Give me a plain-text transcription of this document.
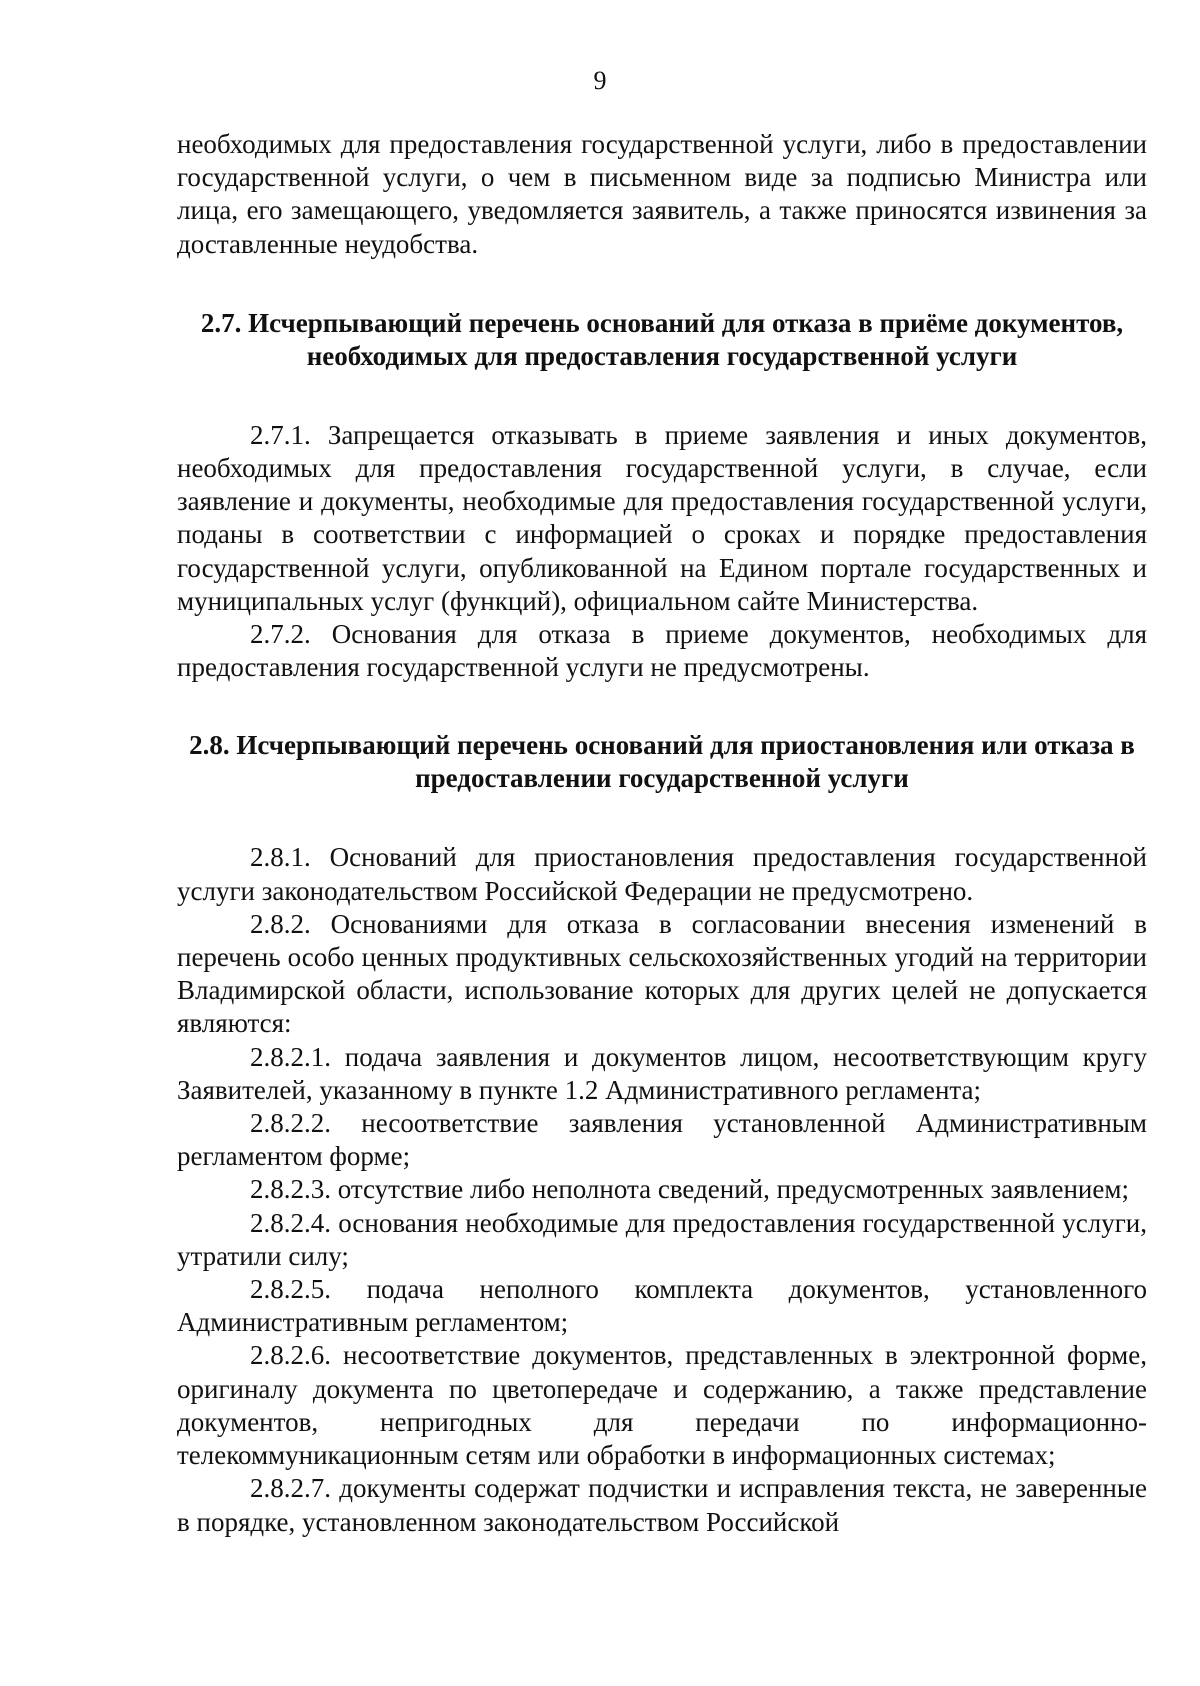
9

необходимых для предоставления государственной услуги, либо в предоставлении государственной услуги, о чем в письменном виде за подписью Министра или лица, его замещающего, уведомляется заявитель, а также приносятся извинения за доставленные неудобства.

2.7. Исчерпывающий перечень оснований для отказа в приёме документов, необходимых для предоставления государственной услуги

2.7.1. Запрещается отказывать в приеме заявления и иных документов, необходимых для предоставления государственной услуги, в случае, если заявление и документы, необходимые для предоставления государственной услуги, поданы в соответствии с информацией о сроках и порядке предоставления государственной услуги, опубликованной на Едином портале государственных и муниципальных услуг (функций), официальном сайте Министерства.

2.7.2. Основания для отказа в приеме документов, необходимых для предоставления государственной услуги не предусмотрены.

2.8. Исчерпывающий перечень оснований для приостановления или отказа в предоставлении государственной услуги

2.8.1. Оснований для приостановления предоставления государственной услуги законодательством Российской Федерации не предусмотрено.

2.8.2. Основаниями для отказа в согласовании внесения изменений в перечень особо ценных продуктивных сельскохозяйственных угодий на территории Владимирской области, использование которых для других целей не допускается являются:

2.8.2.1. подача заявления и документов лицом, несоответствующим кругу Заявителей, указанному в пункте 1.2 Административного регламента;

2.8.2.2. несоответствие заявления установленной Административным регламентом форме;

2.8.2.3. отсутствие либо неполнота сведений, предусмотренных заявлением;

2.8.2.4. основания необходимые для предоставления государственной услуги, утратили силу;

2.8.2.5. подача неполного комплекта документов, установленного Административным регламентом;

2.8.2.6. несоответствие документов, представленных в электронной форме, оригиналу документа по цветопередаче и содержанию, а также представление документов, непригодных для передачи по информационно-телекоммуникационным сетям или обработки в информационных системах;

2.8.2.7. документы содержат подчистки и исправления текста, не заверенные в порядке, установленном законодательством Российской
